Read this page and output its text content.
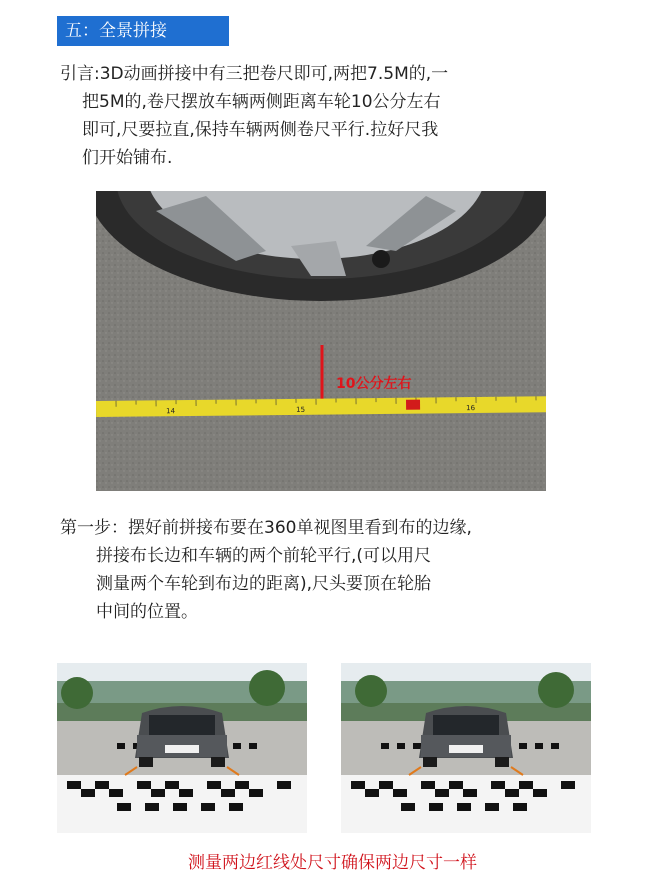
五：全景拼接
引言:3D动画拼接中有三把卷尺即可,两把7.5M的,一
把5M的,卷尺摆放车辆两侧距离车轮10公分左右
即可,尺要拉直,保持车辆两侧卷尺平行.拉好尺我
们开始铺布.
14	15	16
10公分左右
第一步：摆好前拼接布要在360单视图里看到布的边缘,
拼接布长边和车辆的两个前轮平行,(可以用尺
测量两个车轮到布边的距离),尺头要顶在轮胎
中间的位置。
测量两边红线处尺寸确保两边尺寸一样
